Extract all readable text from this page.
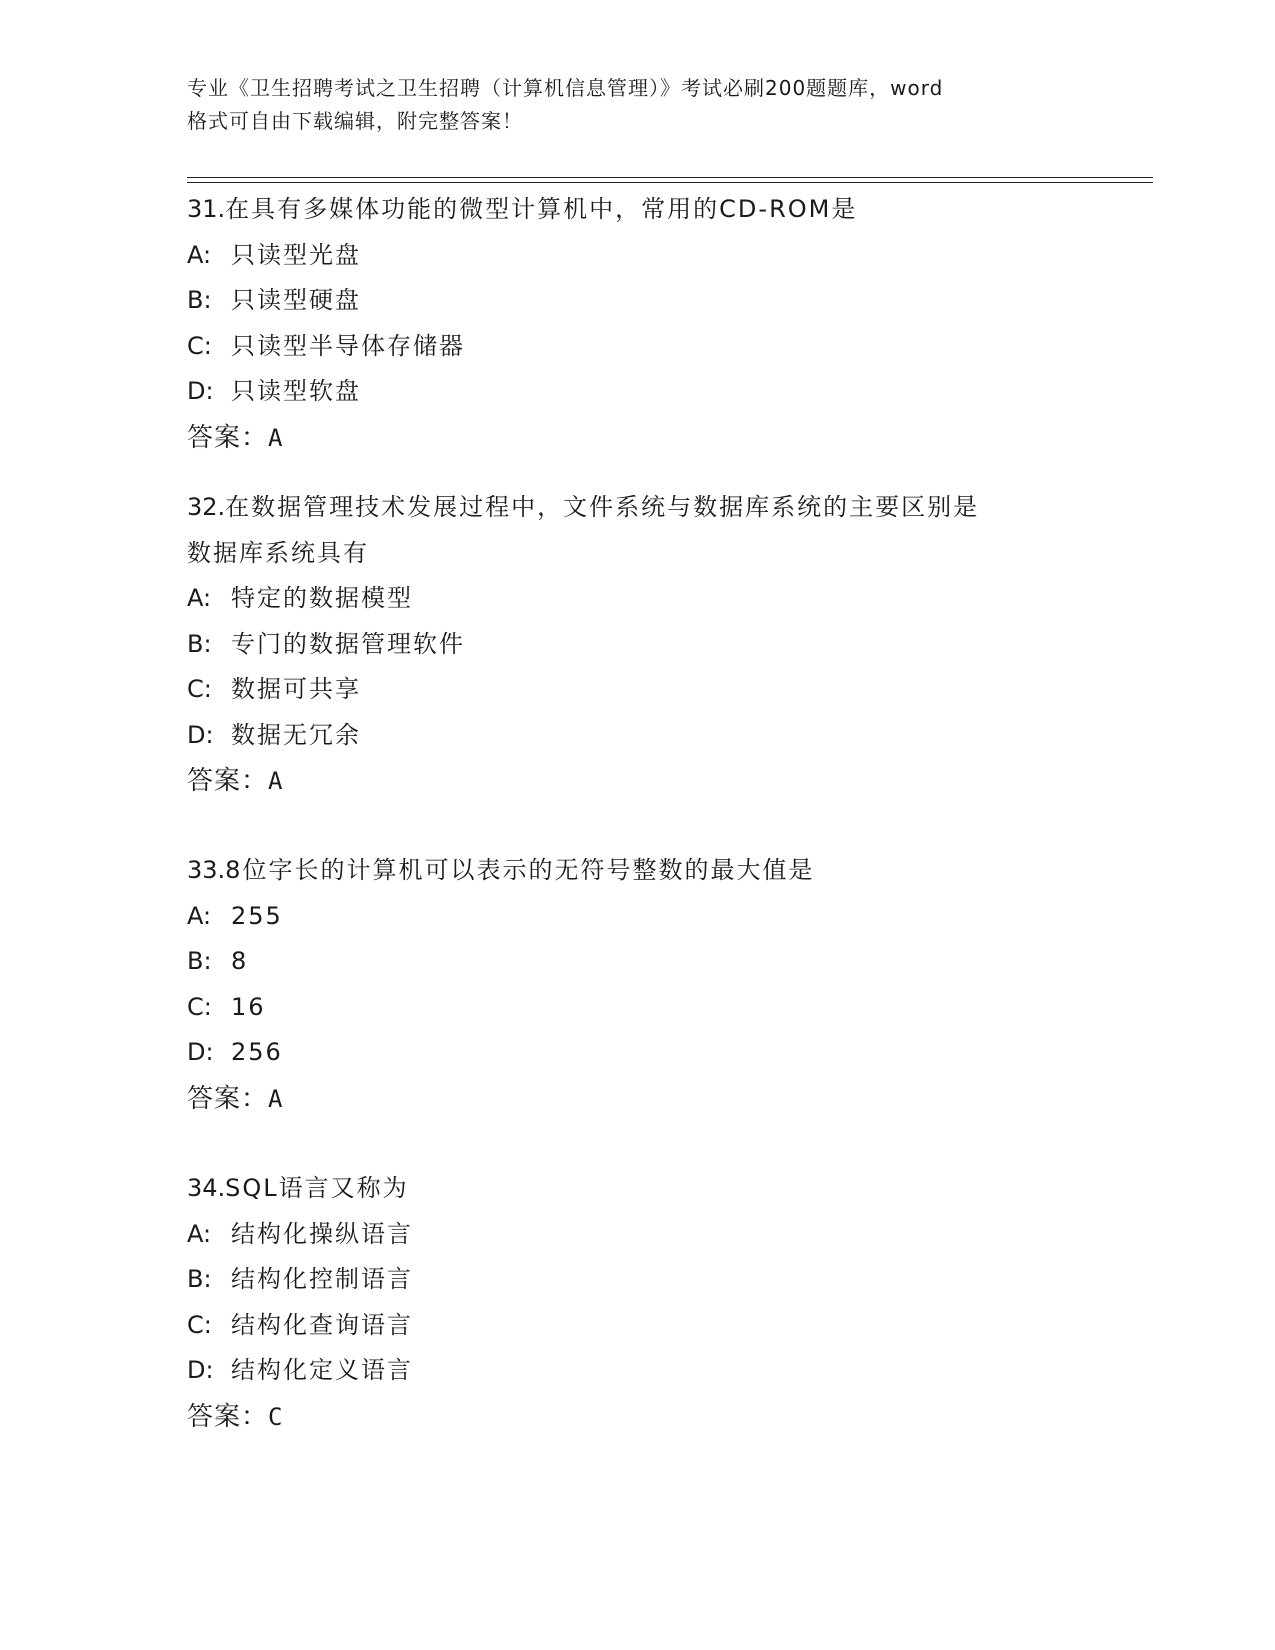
专业《卫生招聘考试之卫生招聘（计算机信息管理）》考试必刷200题题库，word
格式可自由下载编辑，附完整答案！
31.在具有多媒体功能的微型计算机中，常用的CD-ROM是
A: 只读型光盘
B: 只读型硬盘
C: 只读型半导体存储器
D: 只读型软盘
答案：A
32.在数据管理技术发展过程中，文件系统与数据库系统的主要区别是
数据库系统具有
A: 特定的数据模型
B: 专门的数据管理软件
C: 数据可共享
D: 数据无冗余
答案：A
33.8位字长的计算机可以表示的无符号整数的最大值是
A: 255
B: 8
C: 16
D: 256
答案：A
34.SQL语言又称为
A: 结构化操纵语言
B: 结构化控制语言
C: 结构化查询语言
D: 结构化定义语言
答案：C
